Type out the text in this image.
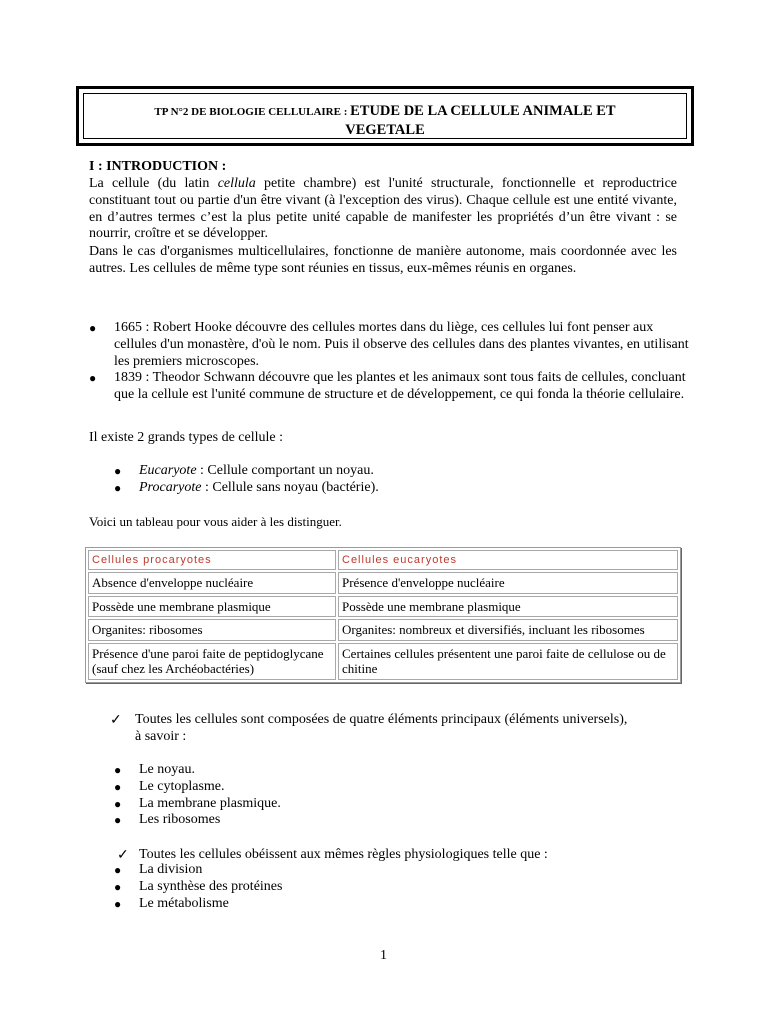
TP N°2 DE BIOLOGIE CELLULAIRE : ETUDE DE LA CELLULE ANIMALE ET
VEGETALE
I : INTRODUCTION :
La cellule (du latin cellula petite chambre) est l'unité structurale, fonctionnelle et reproductrice constituant tout ou partie d'un être vivant (à l'exception des virus). Chaque cellule est une entité vivante, en d’autres termes c’est la plus petite unité capable de manifester les propriétés d’un être vivant : se nourrir, croître et se développer.
Dans le cas d'organismes multicellulaires, fonctionne de manière autonome, mais coordonnée avec les autres. Les cellules de même type sont réunies en tissus, eux-mêmes réunis en organes.
● 1665 : Robert Hooke découvre des cellules mortes dans du liège, ces cellules lui font penser aux cellules d'un monastère, d'où le nom. Puis il observe des cellules dans des plantes vivantes, en utilisant les premiers microscopes.
● 1839 : Theodor Schwann découvre que les plantes et les animaux sont tous faits de cellules, concluant que la cellule est l'unité commune de structure et de développement, ce qui fonda la théorie cellulaire.
Il existe 2 grands types de cellule :
● Eucaryote : Cellule comportant un noyau.
● Procaryote : Cellule sans noyau (bactérie).
Voici un tableau pour vous aider à les distinguer.
Cellules procaryotes	Cellules eucaryotes
Absence d'enveloppe nucléaire	Présence d'enveloppe nucléaire
Possède une membrane plasmique	Possède une membrane plasmique
Organites: ribosomes	Organites: nombreux et diversifiés, incluant les ribosomes
Présence d'une paroi faite de peptidoglycane (sauf chez les Archéobactéries)	Certaines cellules présentent une paroi faite de cellulose ou de chitine
✓ Toutes les cellules sont composées de quatre éléments principaux (éléments universels), à savoir :
● Le noyau.
● Le cytoplasme.
● La membrane plasmique.
● Les ribosomes
✓ Toutes les cellules obéissent aux mêmes règles physiologiques telle que :
● La division
● La synthèse des protéines
● Le métabolisme
1
